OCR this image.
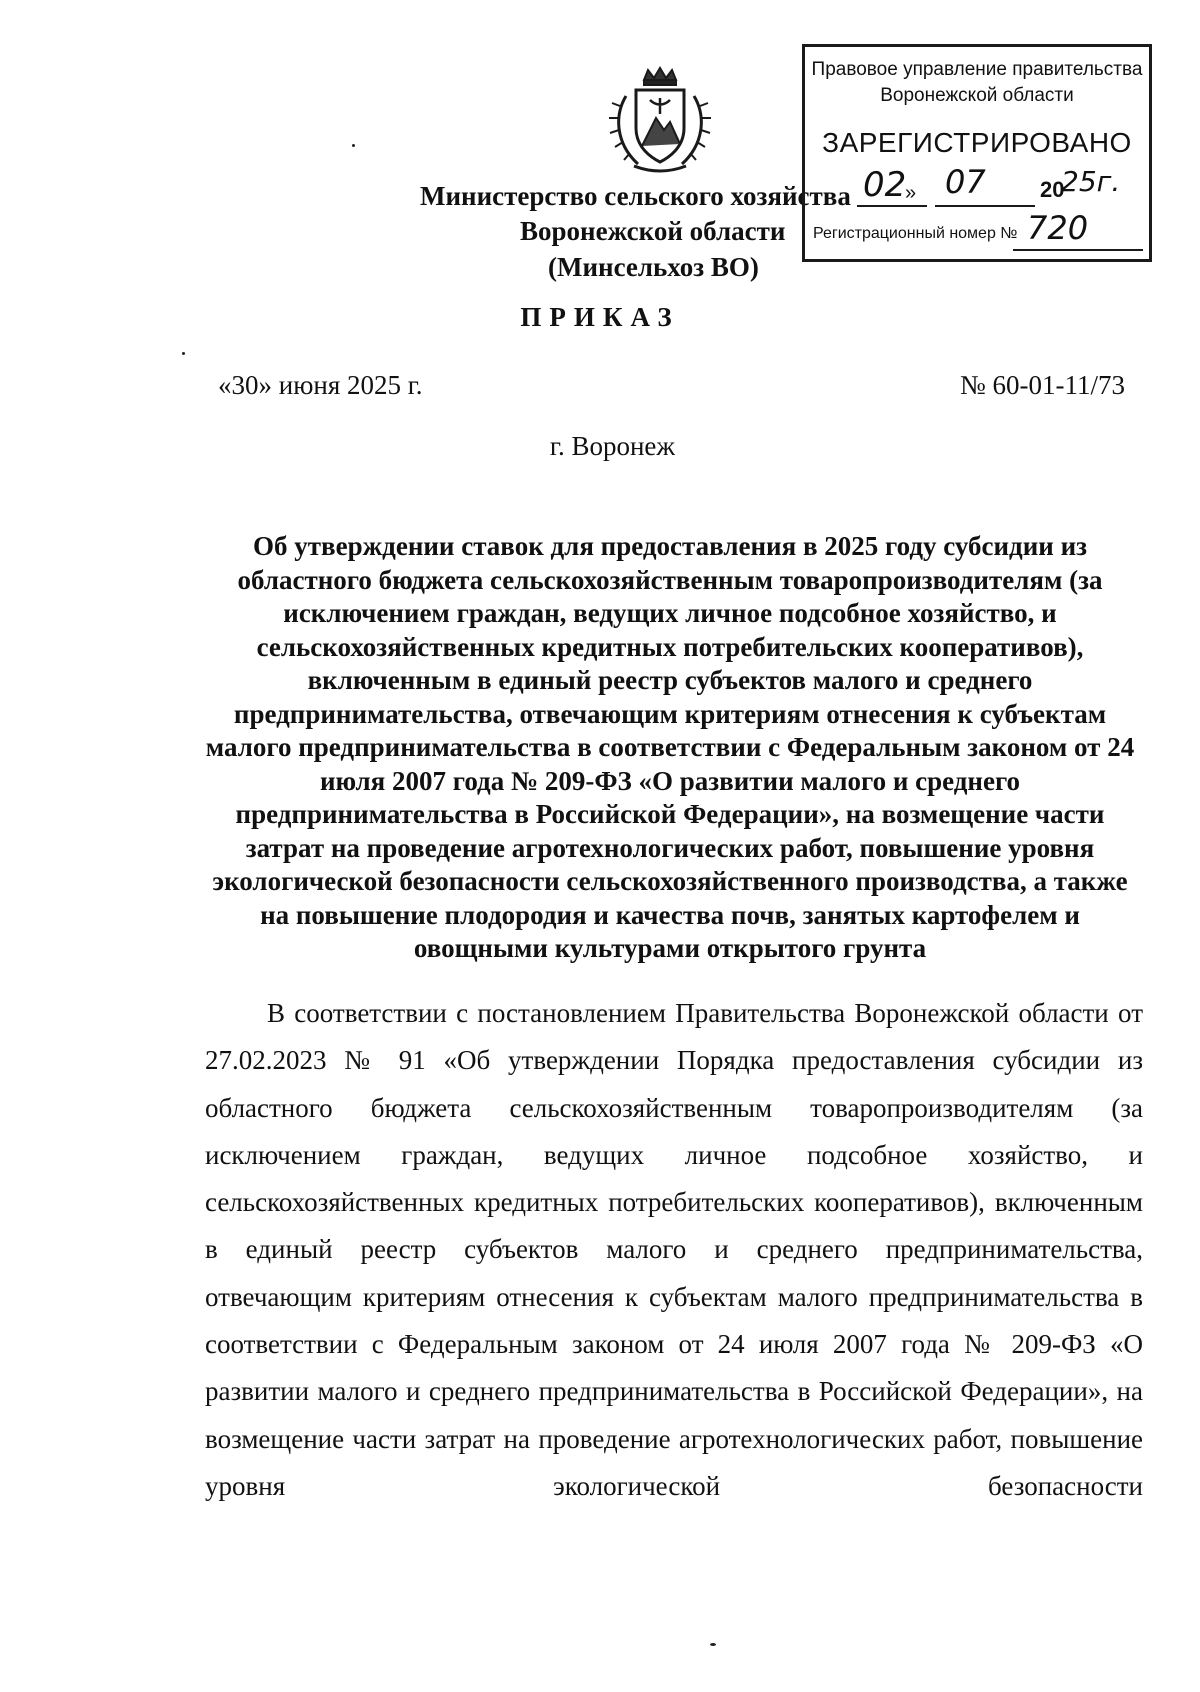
Министерство сельского хозяйства
Воронежской области
(Минсельхоз ВО)
Правовое управление правительства
Воронежской области
ЗАРЕГИСТРИРОВАНО
02
» 07 20
25г.
Регистрационный номер № 720
ПРИКАЗ
«30» июня 2025 г.	№ 60-01-11/73
г. Воронеж
Об утверждении ставок для предоставления в 2025 году субсидии из областного бюджета сельскохозяйственным товаропроизводителям (за исключением граждан, ведущих личное подсобное хозяйство, и сельскохозяйственных кредитных потребительских кооперативов), включенным в единый реестр субъектов малого и среднего предпринимательства, отвечающим критериям отнесения к субъектам малого предпринимательства в соответствии с Федеральным законом от 24 июля 2007 года № 209-ФЗ «О развитии малого и среднего предпринимательства в Российской Федерации», на возмещение части затрат на проведение агротехнологических работ, повышение уровня экологической безопасности сельскохозяйственного производства, а также на повышение плодородия и качества почв, занятых картофелем и овощными культурами открытого грунта
В соответствии с постановлением Правительства Воронежской области от 27.02.2023 № 91 «Об утверждении Порядка предоставления субсидии из областного бюджета сельскохозяйственным товаропроизводителям (за исключением граждан, ведущих личное подсобное хозяйство, и сельскохозяйственных кредитных потребительских кооперативов), включенным в единый реестр субъектов малого и среднего предпринимательства, отвечающим критериям отнесения к субъектам малого предпринимательства в соответствии с Федеральным законом от 24 июля 2007 года № 209-ФЗ «О развитии малого и среднего предпринимательства в Российской Федерации», на возмещение части затрат на проведение агротехнологических работ, повышение уровня экологической безопасности
